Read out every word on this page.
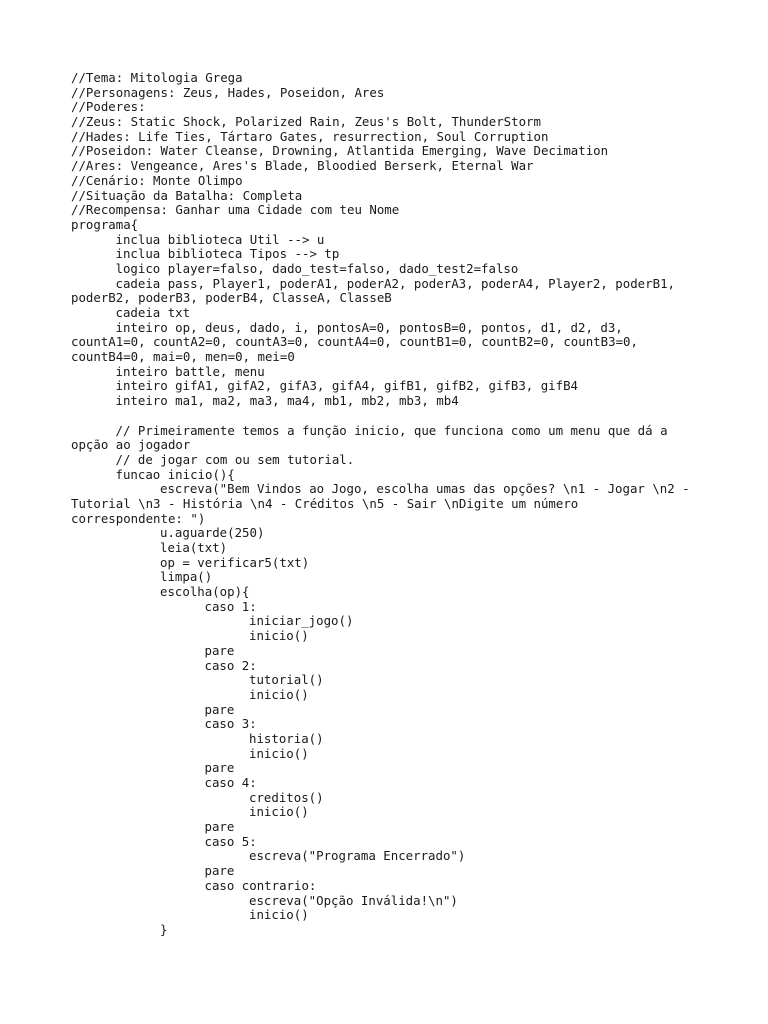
//Tema: Mitologia Grega
//Personagens: Zeus, Hades, Poseidon, Ares
//Poderes:
//Zeus: Static Shock, Polarized Rain, Zeus's Bolt, ThunderStorm
//Hades: Life Ties, Tártaro Gates, resurrection, Soul Corruption
//Poseidon: Water Cleanse, Drowning, Atlantida Emerging, Wave Decimation
//Ares: Vengeance, Ares's Blade, Bloodied Berserk, Eternal War
//Cenário: Monte Olimpo
//Situação da Batalha: Completa
//Recompensa: Ganhar uma Cidade com teu Nome
programa{
inclua biblioteca Util --> u
inclua biblioteca Tipos --> tp
logico player=falso, dado_test=falso, dado_test2=falso
cadeia pass, Player1, poderA1, poderA2, poderA3, poderA4, Player2, poderB1,
poderB2, poderB3, poderB4, ClasseA, ClasseB
cadeia txt
inteiro op, deus, dado, i, pontosA=0, pontosB=0, pontos, d1, d2, d3,
countA1=0, countA2=0, countA3=0, countA4=0, countB1=0, countB2=0, countB3=0,
countB4=0, mai=0, men=0, mei=0
inteiro battle, menu
inteiro gifA1, gifA2, gifA3, gifA4, gifB1, gifB2, gifB3, gifB4
inteiro ma1, ma2, ma3, ma4, mb1, mb2, mb3, mb4
// Primeiramente temos a função inicio, que funciona como um menu que dá a
opção ao jogador
// de jogar com ou sem tutorial.
funcao inicio(){
escreva("Bem Vindos ao Jogo, escolha umas das opções? \n1 - Jogar \n2 -
Tutorial \n3 - História \n4 - Créditos \n5 - Sair \nDigite um número
correspondente: ")
u.aguarde(250)
leia(txt)
op = verificar5(txt)
limpa()
escolha(op){
caso 1:
iniciar_jogo()
inicio()
pare
caso 2:
tutorial()
inicio()
pare
caso 3:
historia()
inicio()
pare
caso 4:
creditos()
inicio()
pare
caso 5:
escreva("Programa Encerrado")
pare
caso contrario:
escreva("Opção Inválida!\n")
inicio()
}
